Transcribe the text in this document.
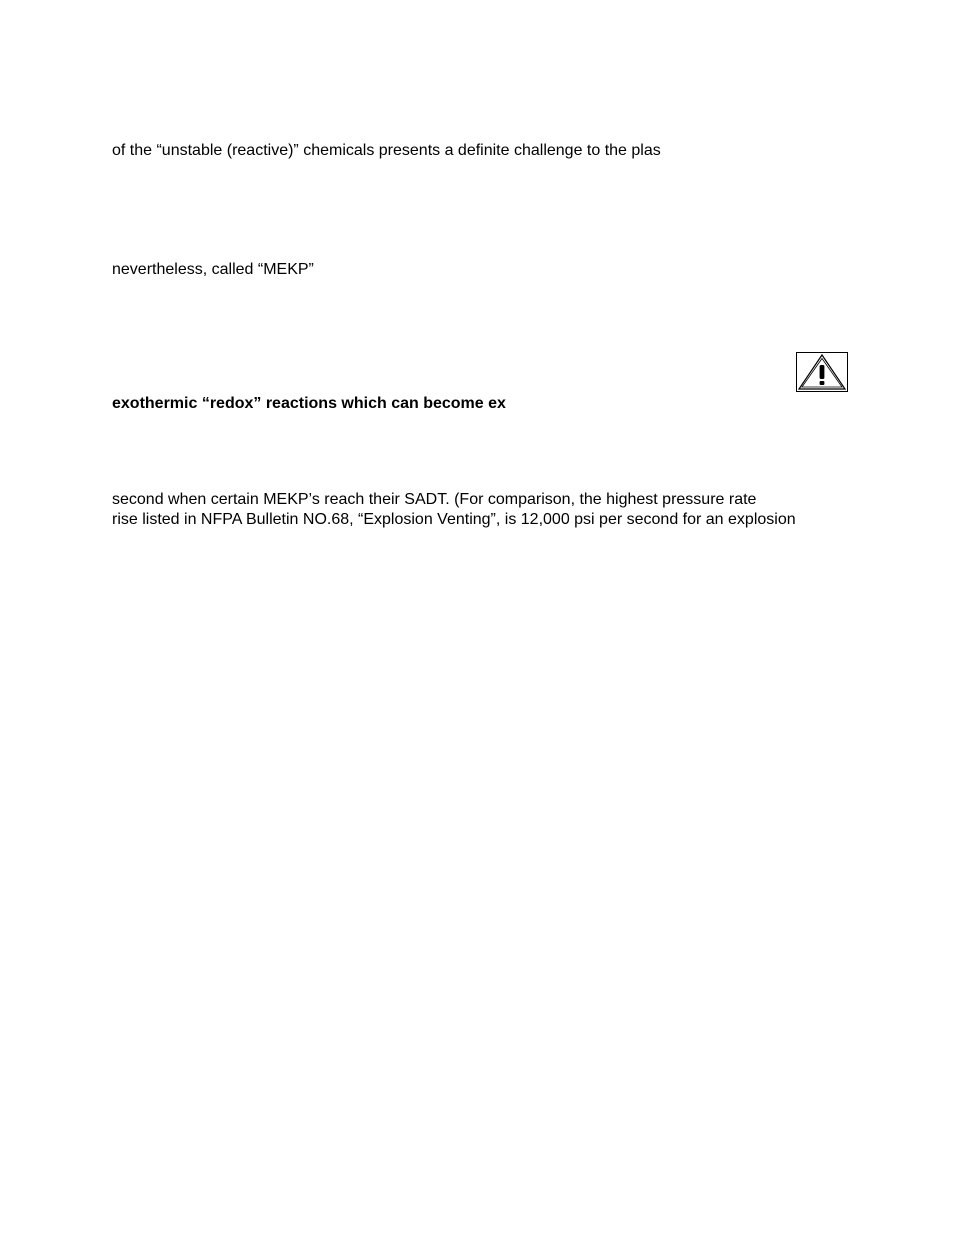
of the “unstable (reactive)” chemicals presents a definite challenge to the plas
nevertheless, called “MEKP”
exothermic “redox” reactions which can become ex
second when certain MEKP’s reach their SADT. (For comparison, the highest pressure rate
rise listed in NFPA Bulletin NO.68, “Explosion Venting”, is 12,000 psi per second for an explosion
